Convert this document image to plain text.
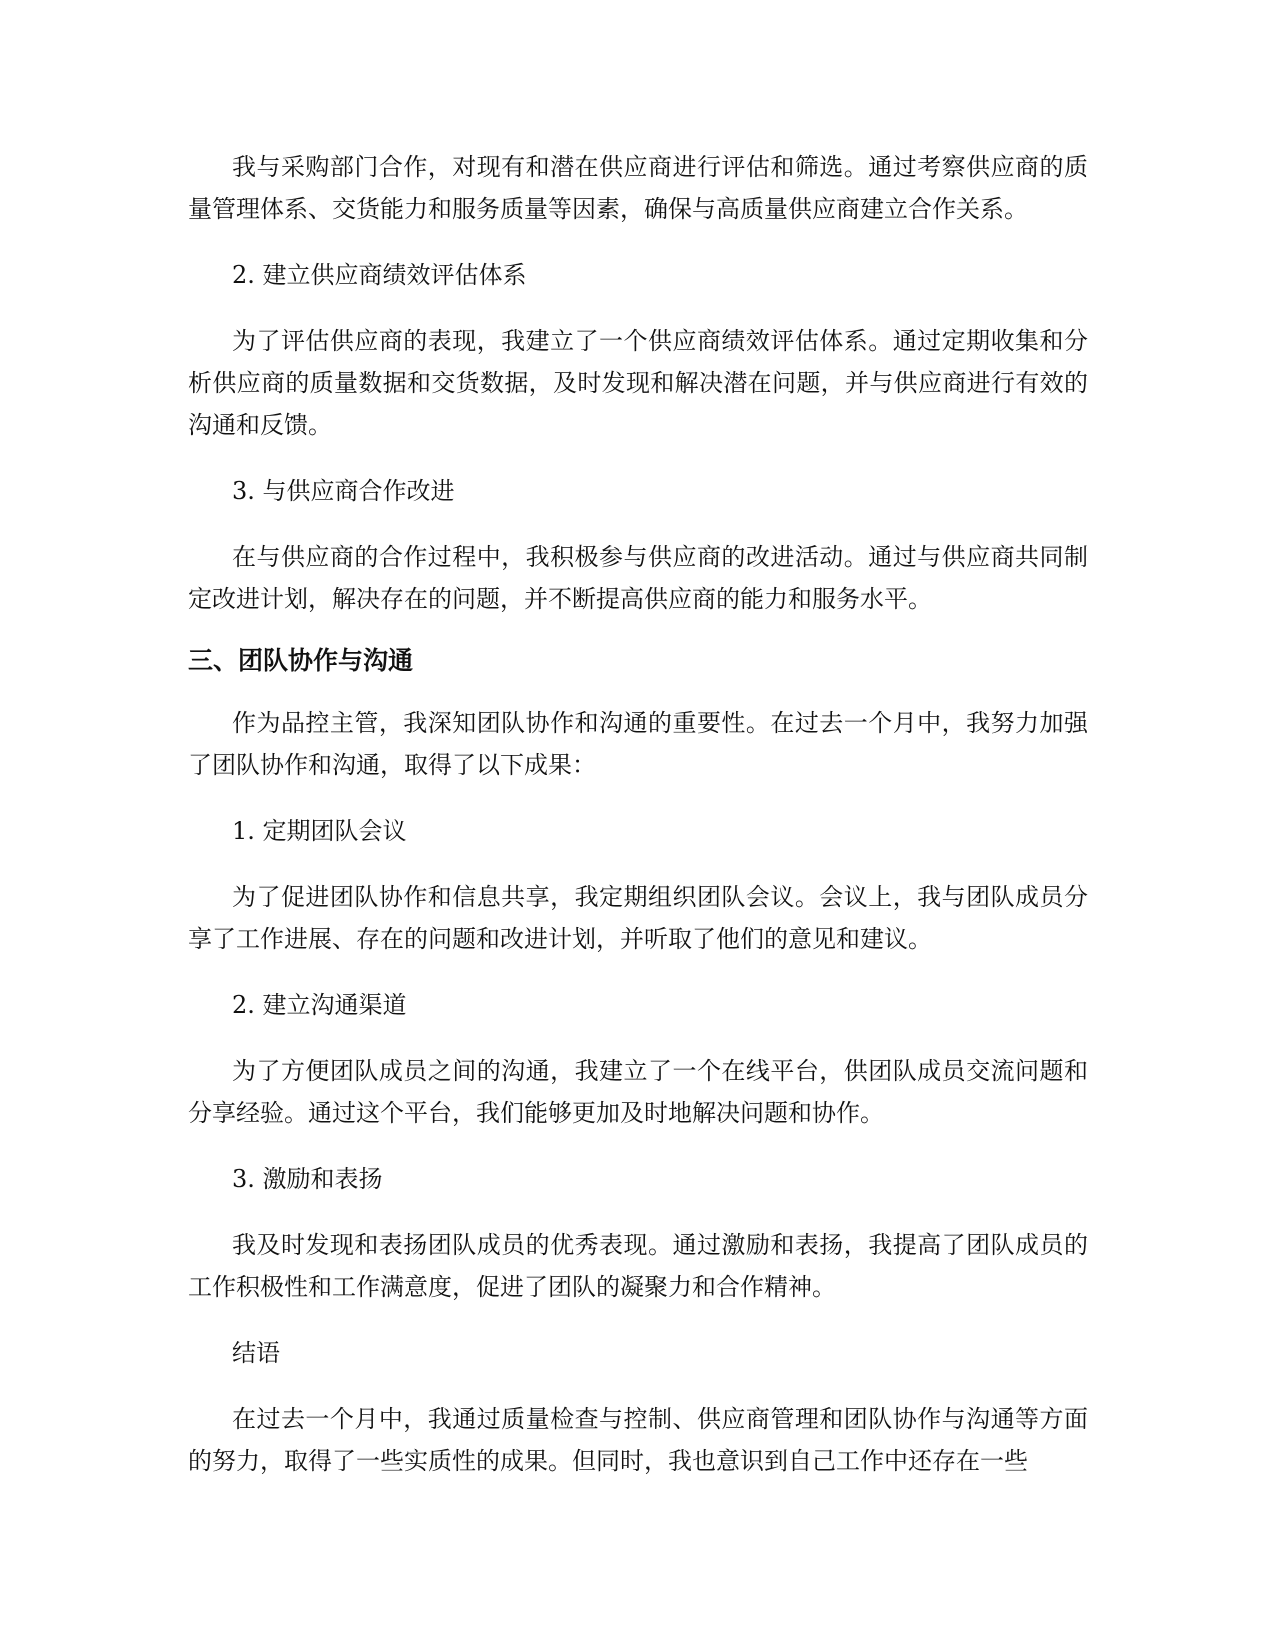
我与采购部门合作，对现有和潜在供应商进行评估和筛选。通过考察供应商的质量管理体系、交货能力和服务质量等因素，确保与高质量供应商建立合作关系。

2. 建立供应商绩效评估体系

为了评估供应商的表现，我建立了一个供应商绩效评估体系。通过定期收集和分析供应商的质量数据和交货数据，及时发现和解决潜在问题，并与供应商进行有效的沟通和反馈。

3. 与供应商合作改进

在与供应商的合作过程中，我积极参与供应商的改进活动。通过与供应商共同制定改进计划，解决存在的问题，并不断提高供应商的能力和服务水平。

三、团队协作与沟通

作为品控主管，我深知团队协作和沟通的重要性。在过去一个月中，我努力加强了团队协作和沟通，取得了以下成果：

1. 定期团队会议

为了促进团队协作和信息共享，我定期组织团队会议。会议上，我与团队成员分享了工作进展、存在的问题和改进计划，并听取了他们的意见和建议。

2. 建立沟通渠道

为了方便团队成员之间的沟通，我建立了一个在线平台，供团队成员交流问题和分享经验。通过这个平台，我们能够更加及时地解决问题和协作。

3. 激励和表扬

我及时发现和表扬团队成员的优秀表现。通过激励和表扬，我提高了团队成员的工作积极性和工作满意度，促进了团队的凝聚力和合作精神。

结语

在过去一个月中，我通过质量检查与控制、供应商管理和团队协作与沟通等方面的努力，取得了一些实质性的成果。但同时，我也意识到自己工作中还存在一些
